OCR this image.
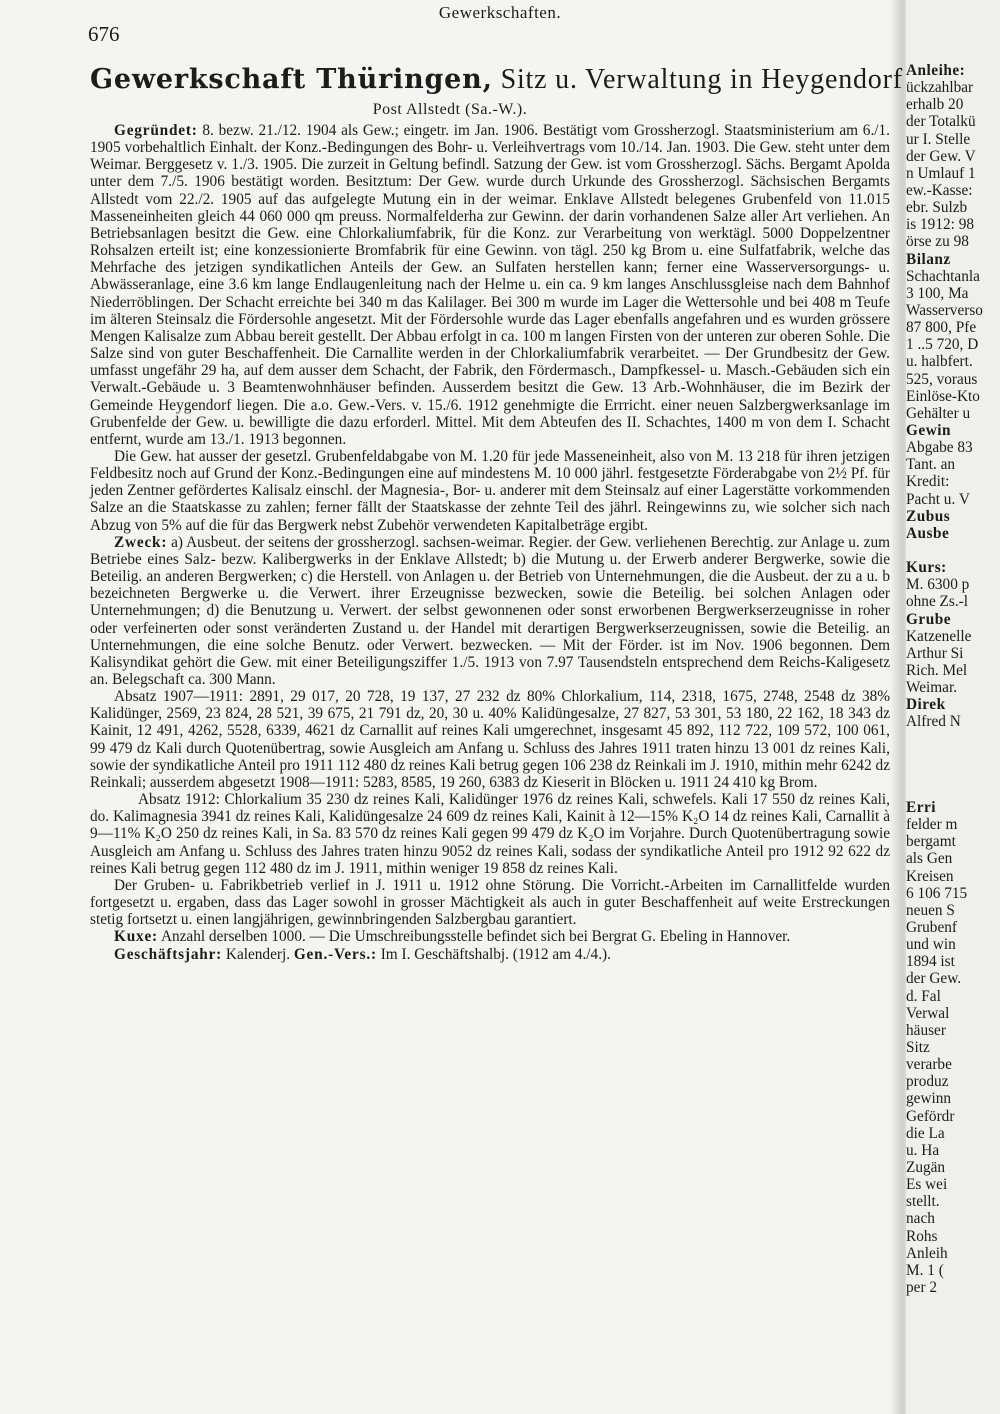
676
Gewerkschaften.
Gewerkschaft Thüringen, Sitz u. Verwaltung in Heygendorf
Post Allstedt (Sa.-W.).

Gegründet: 8. bezw. 21./12. 1904 als Gew.; eingetr. im Jan. 1906. Bestätigt vom Grossherzogl. Staatsministerium am 6./1. 1905 vorbehaltlich Einhalt. der Konz.-Bedingungen des Bohr- u. Verleihvertrags vom 10./14. Jan. 1903. Die Gew. steht unter dem Weimar. Berggesetz v. 1./3. 1905. Die zurzeit in Geltung befindl. Satzung der Gew. ist vom Grossherzogl. Sächs. Bergamt Apolda unter dem 7./5. 1906 bestätigt worden. Besitztum: Der Gew. wurde durch Urkunde des Grossherzogl. Sächsischen Bergamts Allstedt vom 22./2. 1905 auf das aufgelegte Mutung ein in der weimar. Enklave Allstedt belegenes Grubenfeld von 11.015 Masseneinheiten gleich 44 060 000 qm preuss. Normalfelderha zur Gewinn. der darin vorhandenen Salze aller Art verliehen. An Betriebsanlagen besitzt die Gew. eine Chlorkaliumfabrik, für die Konz. zur Verarbeitung von werktägl. 5000 Doppelzentner Rohsalzen erteilt ist; eine konzessionierte Bromfabrik für eine Gewinn. von tägl. 250 kg Brom u. eine Sulfatfabrik, welche das Mehrfache des jetzigen syndikatlichen Anteils der Gew. an Sulfaten herstellen kann; ferner eine Wasserversorgungs- u. Abwässeranlage, eine 3.6 km lange Endlaugenleitung nach der Helme u. ein ca. 9 km langes Anschlussgleise nach dem Bahnhof Niederröblingen. Der Schacht erreichte bei 340 m das Kalilager. Bei 300 m wurde im Lager die Wettersohle und bei 408 m Teufe im älteren Steinsalz die Fördersohle angesetzt. Mit der Fördersohle wurde das Lager ebenfalls angefahren und es wurden grössere Mengen Kalisalze zum Abbau bereit gestellt. Der Abbau erfolgt in ca. 100 m langen Firsten von der unteren zur oberen Sohle. Die Salze sind von guter Beschaffenheit. Die Carnallite werden in der Chlorkaliumfabrik verarbeitet. — Der Grundbesitz der Gew. umfasst ungefähr 29 ha, auf dem ausser dem Schacht, der Fabrik, den Fördermasch., Dampfkessel- u. Masch.-Gebäuden sich ein Verwalt.-Gebäude u. 3 Beamtenwohnhäuser befinden. Ausserdem besitzt die Gew. 13 Arb.-Wohnhäuser, die im Bezirk der Gemeinde Heygendorf liegen. Die a.o. Gew.-Vers. v. 15./6. 1912 genehmigte die Errricht. einer neuen Salzbergwerksanlage im Grubenfelde der Gew. u. bewilligte die dazu erforderl. Mittel. Mit dem Abteufen des II. Schachtes, 1400 m von dem I. Schacht entfernt, wurde am 13./1. 1913 begonnen.

Die Gew. hat ausser der gesetzl. Grubenfeldabgabe von M. 1.20 für jede Masseneinheit, also von M. 13 218 für ihren jetzigen Feldbesitz noch auf Grund der Konz.-Bedingungen eine auf mindestens M. 10 000 jährl. festgesetzte Förderabgabe von 2½ Pf. für jeden Zentner gefördertes Kalisalz einschl. der Magnesia-, Bor- u. anderer mit dem Steinsalz auf einer Lagerstätte vorkommenden Salze an die Staatskasse zu zahlen; ferner fällt der Staatskasse der zehnte Teil des jährl. Reingewinns zu, wie solcher sich nach Abzug von 5% auf die für das Bergwerk nebst Zubehör verwendeten Kapitalbeträge ergibt.

Zweck: a) Ausbeut. der seitens der grossherzogl. sachsen-weimar. Regier. der Gew. verliehenen Berechtig. zur Anlage u. zum Betriebe eines Salz- bezw. Kalibergwerks in der Enklave Allstedt; b) die Mutung u. der Erwerb anderer Bergwerke, sowie die Beteilig. an anderen Bergwerken; c) die Herstell. von Anlagen u. der Betrieb von Unternehmungen, die die Ausbeut. der zu a u. b bezeichneten Bergwerke u. die Verwert. ihrer Erzeugnisse bezwecken, sowie die Beteilig. bei solchen Anlagen oder Unternehmungen; d) die Benutzung u. Verwert. der selbst gewonnenen oder sonst erworbenen Bergwerkserzeugnisse in roher oder verfeinerten oder sonst veränderten Zustand u. der Handel mit derartigen Bergwerkserzeugnissen, sowie die Beteilig. an Unternehmungen, die eine solche Benutz. oder Verwert. bezwecken. — Mit der Förder. ist im Nov. 1906 begonnen. Dem Kalisyndikat gehört die Gew. mit einer Beteiligungsziffer 1./5. 1913 von 7.97 Tausendsteln entsprechend dem Reichs-Kaligesetz an. Belegschaft ca. 300 Mann.

Absatz 1907—1911: 2891, 29 017, 20 728, 19 137, 27 232 dz 80% Chlorkalium, 114, 2318, 1675, 2748, 2548 dz 38% Kalidünger, 2569, 23 824, 28 521, 39 675, 21 791 dz, 20, 30 u. 40% Kalidüngesalze, 27 827, 53 301, 53 180, 22 162, 18 343 dz Kainit, 12 491, 4262, 5528, 6339, 4621 dz Carnallit auf reines Kali umgerechnet, insgesamt 45 892, 112 722, 109 572, 100 061, 99 479 dz Kali durch Quotenübertrag, sowie Ausgleich am Anfang u. Schluss des Jahres 1911 traten hinzu 13 001 dz reines Kali, sowie der syndikatliche Anteil pro 1911 112 480 dz reines Kali betrug gegen 106 238 dz Reinkali im J. 1910, mithin mehr 6242 dz Reinkali; ausserdem abgesetzt 1908—1911: 5283, 8585, 19 260, 6383 dz Kieserit in Blöcken u. 1911 24 410 kg Brom.

Absatz 1912: Chlorkalium 35 230 dz reines Kali, Kalidünger 1976 dz reines Kali, schwefels. Kali 17 550 dz reines Kali, do. Kalimagnesia 3941 dz reines Kali, Kalidüngesalze 24 609 dz reines Kali, Kainit à 12—15% K₂O 14 dz reines Kali, Carnallit à 9—11% K₂O 250 dz reines Kali, in Sa. 83 570 dz reines Kali gegen 99 479 dz K₂O im Vorjahre. Durch Quotenübertragung sowie Ausgleich am Anfang u. Schluss des Jahres traten hinzu 9052 dz reines Kali, sodass der syndikatliche Anteil pro 1912 92 622 dz reines Kali betrug gegen 112 480 dz im J. 1911, mithin weniger 19 858 dz reines Kali.

Der Gruben- u. Fabrikbetrieb verlief in J. 1911 u. 1912 ohne Störung. Die Vorricht.-Arbeiten im Carnallitfelde wurden fortgesetzt u. ergaben, dass das Lager sowohl in grosser Mächtigkeit als auch in guter Beschaffenheit auf weite Erstreckungen stetig fortsetzt u. einen langjährigen, gewinnbringenden Salzbergbau garantiert.

Kuxe: Anzahl derselben 1000. — Die Umschreibungsstelle befindet sich bei Bergrat G. Ebeling in Hannover.

Geschäftsjahr: Kalenderj. Gen.-Vers.: Im I. Geschäftshalbj. (1912 am 4./4.).

Anleihe:
ückzahlbar
erhalb 20
der Totalkü
ur I. Stelle
der Gew. V
n Umlauf 1
ew.-Kasse:
ebr. Sulzb
is 1912: 98
örse zu 98
Bilanz
Schachtanla
3 100, Ma
Wasserverso
87 800, Pfe
1 ..5 720, D
u. halbfert.
525, voraus
Einlöse-Kto
Gehälter u
Gewin
Abgabe 83
Tant. an
Kredit:
Pacht u. V
Zubus
Ausbe
Kurs:
M. 6300 p
ohne Zs.-l
Grube
Katzenelle
Arthur Si
Rich. Mel
Weimar.
Direk
Alfred N
Erri
felder m
bergamt
als Gen
Kreisen
6 106 715
neuen S
Grubenf
und win
1894 ist
der Gew.
d. Fal
Verwal
häuser
Sitz
verarbe
produz
gewinn
Gefördr
die La
u. Ha
Zugän
Es wei
stellt.
nach
Rohs
Anleih
M. 1 (
per 2
